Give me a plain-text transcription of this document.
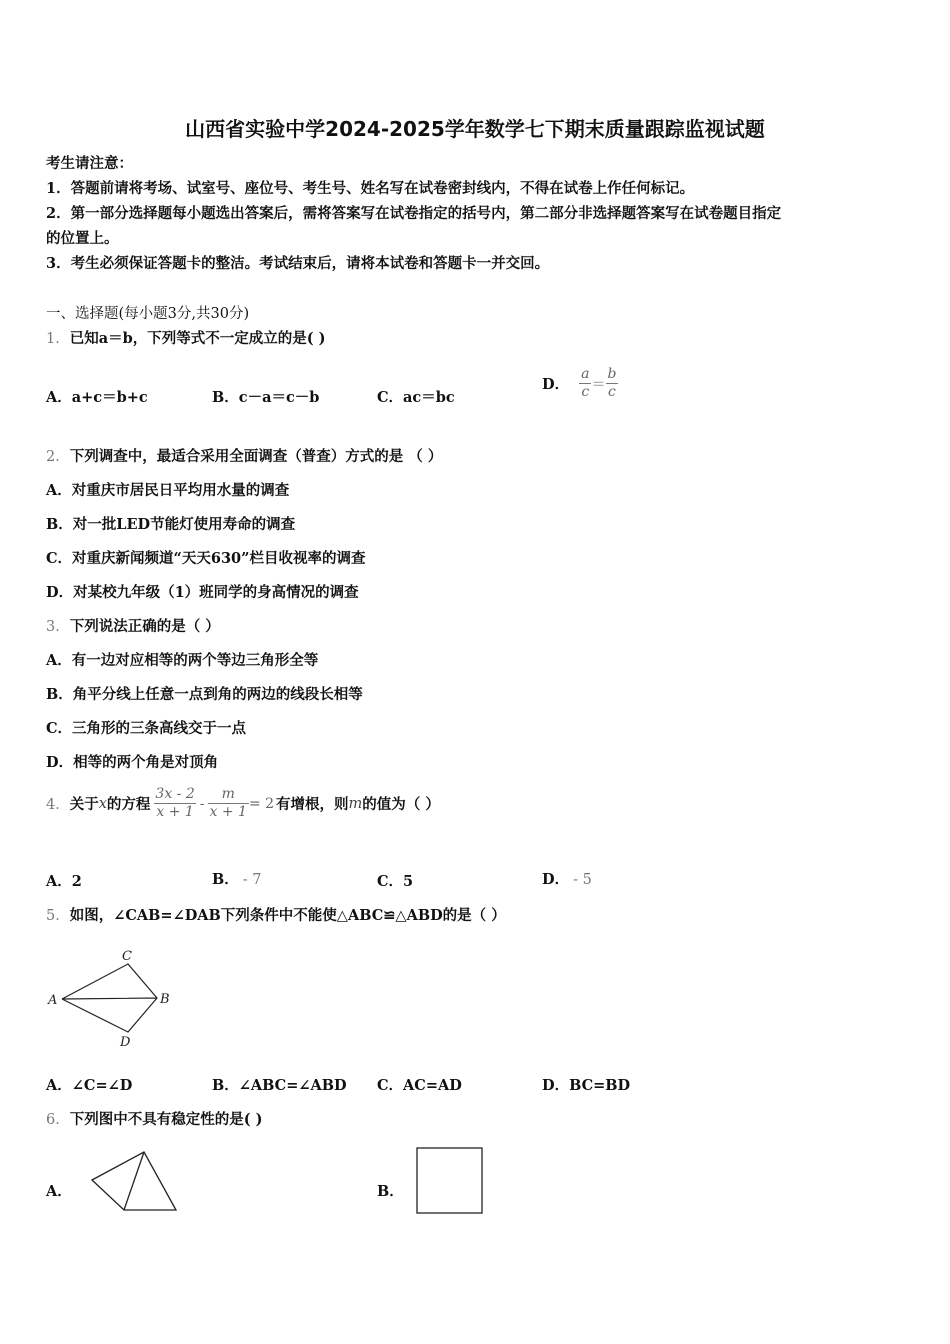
山西省实验中学2024-2025学年数学七下期末质量跟踪监视试题
考生请注意：
1．答题前请将考场、试室号、座位号、考生号、姓名写在试卷密封线内，不得在试卷上作任何标记。
2．第一部分选择题每小题选出答案后，需将答案写在试卷指定的括号内，第二部分非选择题答案写在试卷题目指定
的位置上。
3．考生必须保证答题卡的整洁。考试结束后，请将本试卷和答题卡一并交回。
一、选择题(每小题3分,共30分)
1．已知a＝b，下列等式不一定成立的是( )
A．a+c＝b+c	B．c－a＝c－b	C．ac＝bc
D． $\frac{a}{c} = \frac{b}{c}$
2．下列调查中，最适合采用全面调查（普查）方式的是 （ ）
A．对重庆市居民日平均用水量的调查
B．对一批LED节能灯使用寿命的调查
C．对重庆新闻频道“天天630”栏目收视率的调查
D．对某校九年级（1）班同学的身高情况的调查
3．下列说法正确的是（ ）
A．有一边对应相等的两个等边三角形全等
B．角平分线上任意一点到角的两边的线段长相等
C．三角形的三条高线交于一点
D．相等的两个角是对顶角
4． 关于 x 的方程 $\frac{3x - 2}{x + 1} - \frac{m}{x + 1} = 2$ 有增根，则 m 的值为（ ）
A．2	B． - 7	C．5	D． - 5
5．如图，∠CAB=∠DAB下列条件中不能使△ABC≌△ABD的是（ ）
C
A	B
D
A．∠C=∠D	B．∠ABC=∠ABD C．AC=AD	D．BC=BD
6．下列图中不具有稳定性的是( )
A．	B．
